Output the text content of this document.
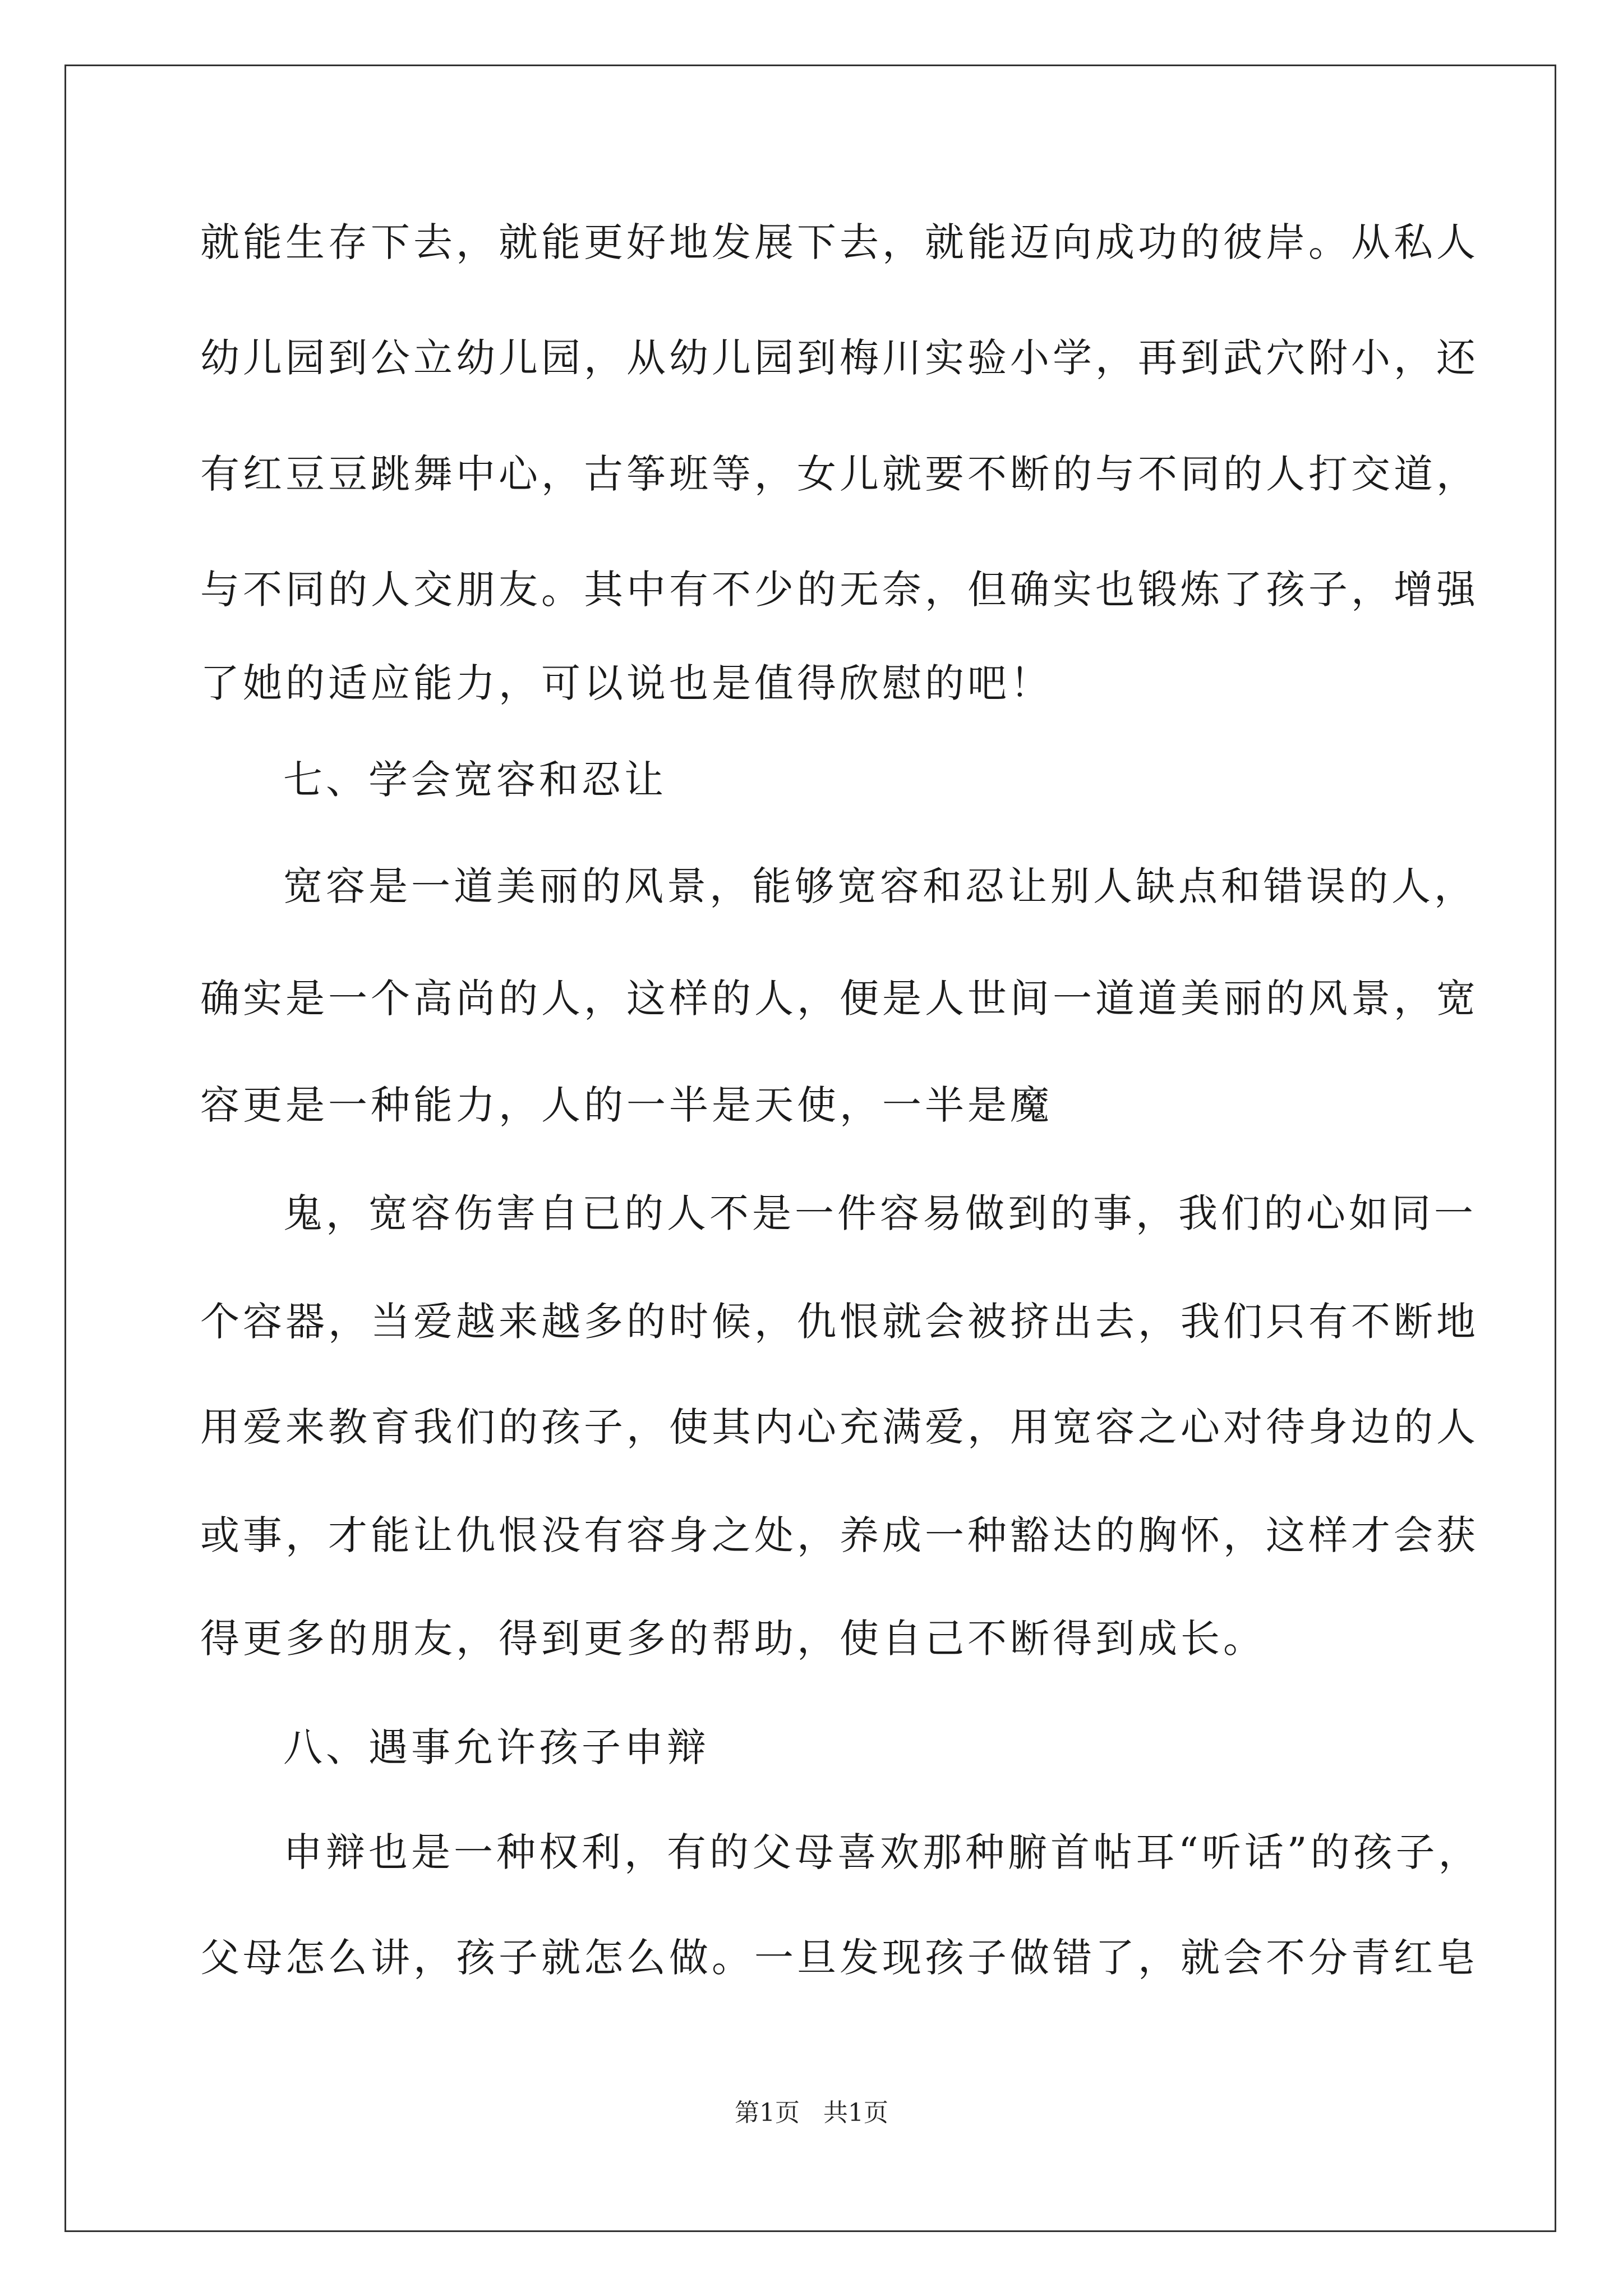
就能生存下去，就能更好地发展下去，就能迈向成功的彼岸。从私人
幼儿园到公立幼儿园，从幼儿园到梅川实验小学，再到武穴附小，还
有红豆豆跳舞中心，古筝班等，女儿就要不断的与不同的人打交道，
与不同的人交朋友。其中有不少的无奈，但确实也锻炼了孩子，增强
了她的适应能力，可以说也是值得欣慰的吧！
七、学会宽容和忍让
宽容是一道美丽的风景，能够宽容和忍让别人缺点和错误的人，
确实是一个高尚的人，这样的人，便是人世间一道道美丽的风景，宽
容更是一种能力，人的一半是天使，一半是魔
鬼，宽容伤害自已的人不是一件容易做到的事，我们的心如同一
个容器，当爱越来越多的时候，仇恨就会被挤出去，我们只有不断地
用爱来教育我们的孩子，使其内心充满爱，用宽容之心对待身边的人
或事，才能让仇恨没有容身之处，养成一种豁达的胸怀，这样才会获
得更多的朋友，得到更多的帮助，使自己不断得到成长。
八、遇事允许孩子申辩
申辩也是一种权利，有的父母喜欢那种腑首帖耳“听话”的孩子，
父母怎么讲，孩子就怎么做。一旦发现孩子做错了，就会不分青红皂
第1页   共1页
